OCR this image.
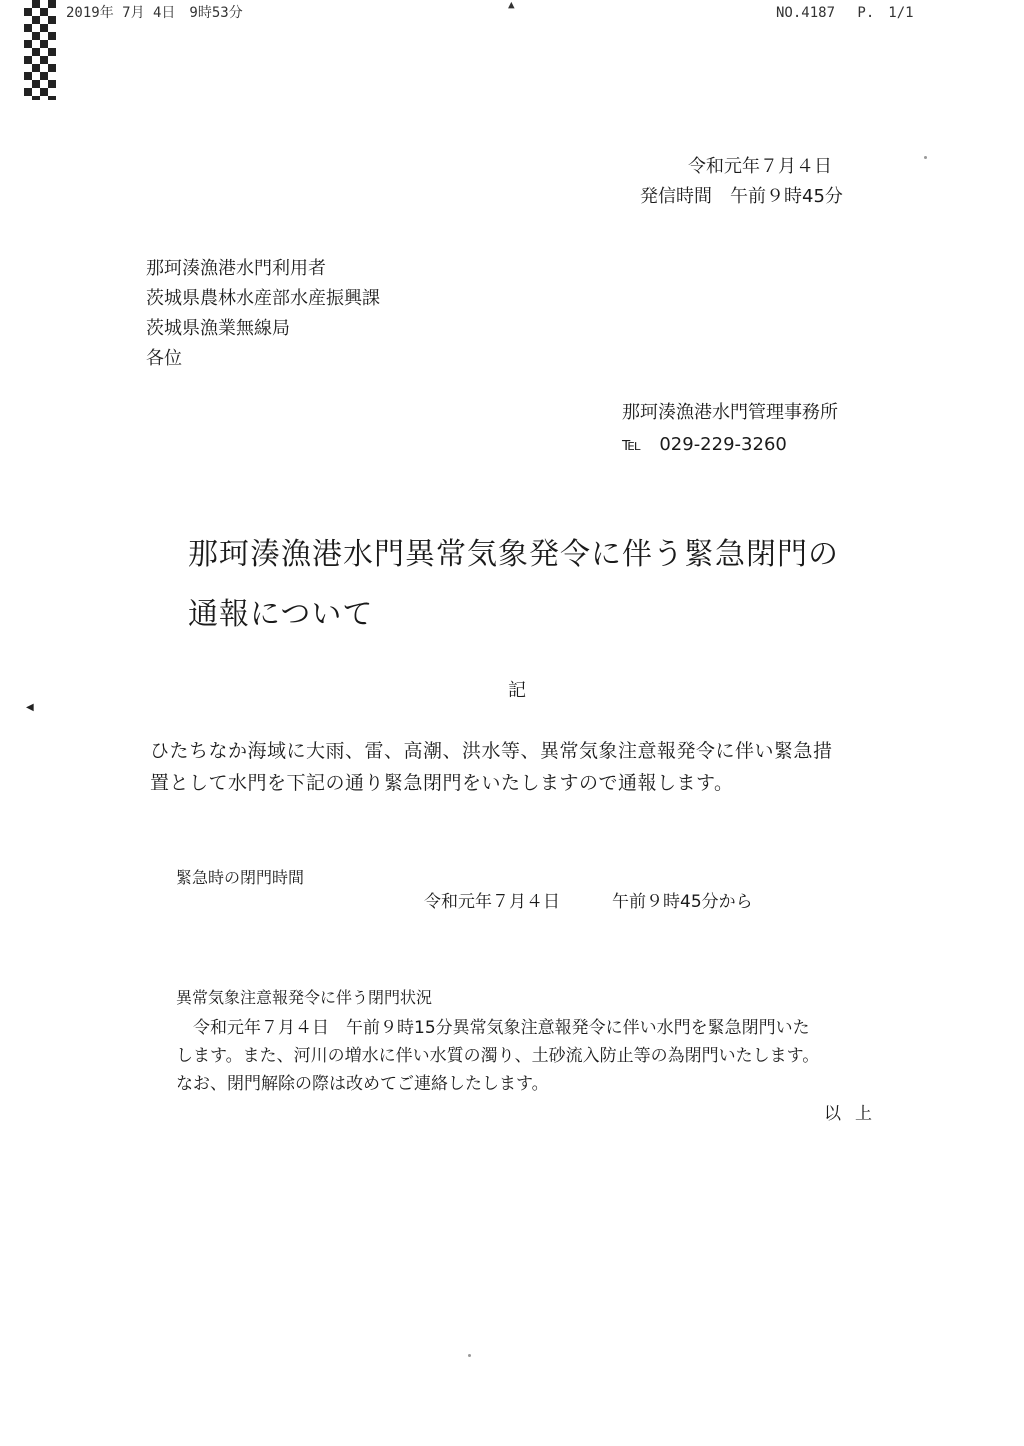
2019年 7月 4日　9時53分
▲
NO.4187　 P.　1/1
◀
令和元年７月４日
発信時間　午前９時45分
那珂湊漁港水門利用者
茨城県農林水産部水産振興課
茨城県漁業無線局
各位
那珂湊漁港水門管理事務所
℡　029-229-3260
那珂湊漁港水門異常気象発令に伴う緊急閉門の
通報について
記
ひたちなか海域に大雨、雷、高潮、洪水等、異常気象注意報発令に伴い緊急措
置として水門を下記の通り緊急閉門をいたしますので通報します。
緊急時の閉門時間
令和元年７月４日	午前９時45分から
異常気象注意報発令に伴う閉門状況
　令和元年７月４日　午前９時15分異常気象注意報発令に伴い水門を緊急閉門いた
します。また、河川の増水に伴い水質の濁り、土砂流入防止等の為閉門いたします。
なお、閉門解除の際は改めてご連絡したします。
以上
